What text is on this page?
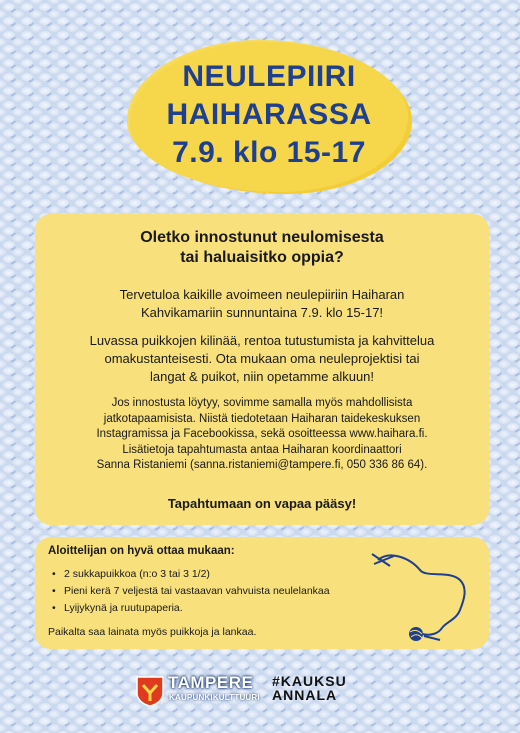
NEULEPIIRI
HAIHARASSA
7.9. klo 15-17
Oletko innostunut neulomisesta
tai haluaisitko oppia?
Tervetuloa kaikille avoimeen neulepiiriin Haiharan
Kahvikamariin sunnuntaina 7.9. klo 15-17!
Luvassa puikkojen kilinää, rentoa tutustumista ja kahvittelua
omakustanteisesti. Ota mukaan oma neuleprojektisi tai
langat & puikot, niin opetamme alkuun!
Jos innostusta löytyy, sovimme samalla myös mahdollisista
jatkotapaamisista. Niistä tiedotetaan Haiharan taidekeskuksen
Instagramissa ja Facebookissa, sekä osoitteessa www.haihara.fi.
Lisätietoja tapahtumasta antaa Haiharan koordinaattori
Sanna Ristaniemi (sanna.ristaniemi@tampere.fi, 050 336 86 64).
Tapahtumaan on vapaa pääsy!
Aloittelijan on hyvä ottaa mukaan:
• 2 sukkapuikkoa (n:o 3 tai 3 1/2)
• Pieni kerä 7 veljestä tai vastaavan vahvuista neulelankaa
• Lyijykynä ja ruutupaperia.
Paikalta saa lainata myös puikkoja ja lankaa.
TAMPERE
KAUPUNKIKULTTUURI
#KAUKSU
ANNALA
